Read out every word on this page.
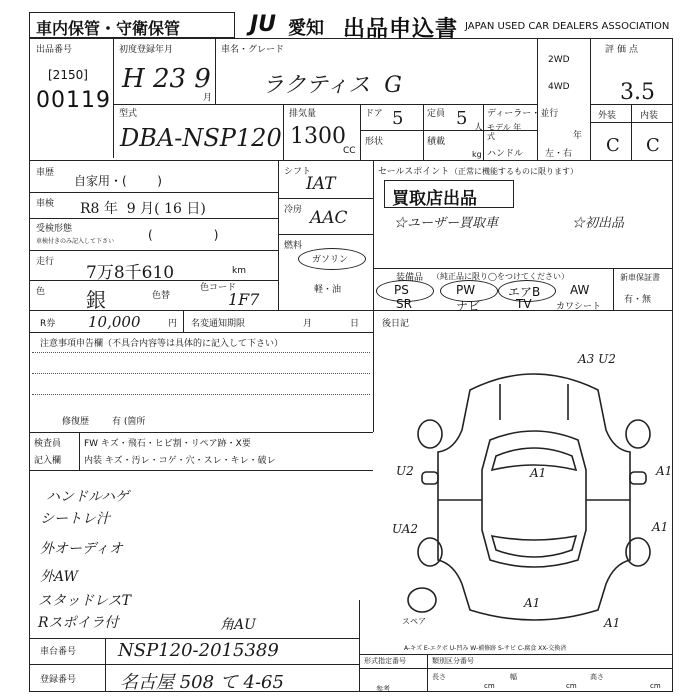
車内保管・守衛保管	JU 愛知 出品申込書 JAPAN USED CAR DEALERS ASSOCIATION
出品番号
[2150]
00119
初度登録年月
H 23 9
月
車名・グレード
ラクティス  G
2WD
4WD
評価点
3.5
型式
DBA-NSP120
排気量
1300
CC
ドア 5	定員 5 人
形状	積載
kg
ディーラー・並行
モデル 年式	年
ハンドル 左・右
外装	内装
C C
車歴
自家用・(        )
車検 R8 年  9 月( 16 日)
受検形態
車検付きのみ記入して下さい	(                )
走行
7万8千610	km
色 銀	色替
色コード
1F7
R券 10,000	円 名変通知期限	月	日
シフト
IAT
冷房 AAC
燃料
ガソリン
軽・油
セールスポイント （正常に機能するものに限ります）
買取店出品
☆ユーザー買取車	☆初出品
装備品 （純正品に限り◯をつけてください）
PS	PW	エアB AW
SR	ナビ	TV	カワシート
新車保証書
有・無
注意事項申告欄（不具合内容等は具体的に記入して下さい）
修復歴	有 (箇所
後日記
検査員
記入欄
FW キズ・飛石・ヒビ割・リペア跡・X要
内装 キズ・汚レ・コゲ・穴・スレ・キレ・破レ
ハンドルハゲ
シートレ汁
外オーディオ
外AW
スタッドレスT
Rスポイラ付	角AU
A3 U2
U2	A1	A1
UA2	A1
A1
A1
スペア
A-キズ E-エクボ U-凹み W-補修跡 S-サビ C-腐食 XX-交換済
車台番号 NSP120-2015389
登録番号 名古屋 508 て 4-65
形式指定番号	類別区分番号
参考
長さ	幅	高さ
cm	cm	cm
